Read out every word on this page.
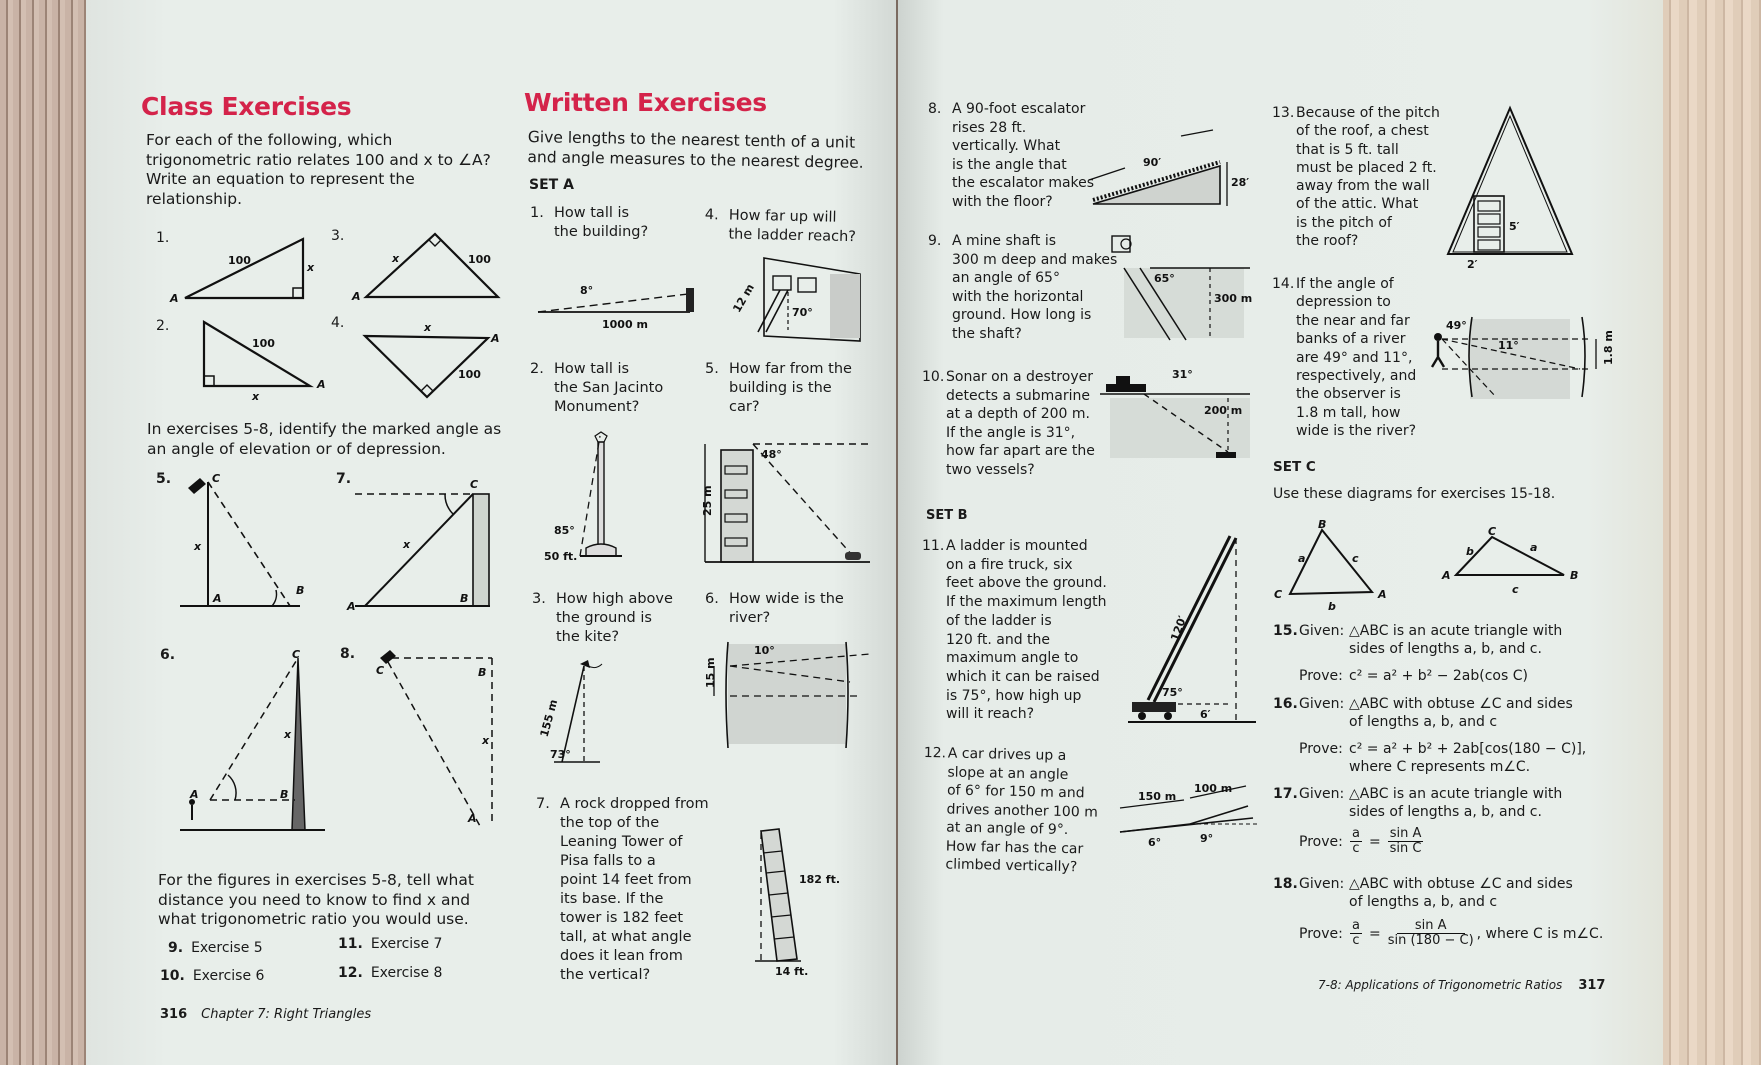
Class Exercises
For each of the following, which
trigonometric ratio relates 100 and x to ∠A?
Write an equation to represent the
relationship.
1.
100
x
A
2.
100
x
A
3.
x	100
A
4.	x
100
A
In exercises 5-8, identify the marked angle as
an angle of elevation or of depression.
5.	C
x
A
B
7.	C
x
A
B
6.	C
x
A	B
8.
C	B
x
A
For the figures in exercises 5-8, tell what
distance you need to know to find x and
what trigonometric ratio you would use.
9. Exercise 5
10. Exercise 6
11. Exercise 7
12. Exercise 8
316 Chapter 7: Right Triangles
Written Exercises
Give lengths to the nearest tenth of a unit
and angle measures to the nearest degree.
SET A
1. How tall is
the building?
8°
1000 m
4. How far up will
the ladder reach?
12 m	70°
2. How tall is
the San Jacinto
Monument?
85°
50 ft.
5. How far from the
building is the
car?
48°
25 m
3. How high above
the ground is
the kite?
155 m
73°
6. How wide is the
river?
10°
15 m
7. A rock dropped from
the top of the
Leaning Tower of
Pisa falls to a
point 14 feet from
its base. If the
tower is 182 feet
tall, at what angle
does it lean from
the vertical?
182 ft.
14 ft.
8. A 90-foot escalator
rises 28 ft.
vertically. What
is the angle that
the escalator makes
with the floor?
90′
28′
9. A mine shaft is
300 m deep and makes
an angle of 65°
with the horizontal
ground. How long is
the shaft?
65°
300 m
10. Sonar on a destroyer
detects a submarine
at a depth of 200 m.
If the angle is 31°,
how far apart are the
two vessels?
31°
200 m
SET B
11. A ladder is mounted
on a fire truck, six
feet above the ground.
If the maximum length
of the ladder is
120 ft. and the
maximum angle to
which it can be raised
is 75°, how high up
will it reach?
120′
75°
6′
12. A car drives up a
slope at an angle
of 6° for 150 m and
drives another 100 m
at an angle of 9°.
How far has the car
climbed vertically?
150 m
100 m
6°	9°
13. Because of the pitch
of the roof, a chest
that is 5 ft. tall
must be placed 2 ft.
away from the wall
of the attic. What
is the pitch of
the roof?
5′
2′
14. If the angle of
depression to
the near and far
banks of a river
are 49° and 11°,
respectively, and
the observer is
1.8 m tall, how
wide is the river?
49°
11°	1.8 m
SET C
Use these diagrams for exercises 15-18.
B
a	c
C
b
A
C
b	a
A
c
B
15.Given: △ABC is an acute triangle with
sides of lengths a, b, and c.
Prove: c² = a² + b² − 2ab(cos C)
16.Given: △ABC with obtuse ∠C and sides
of lengths a, b, and c
Prove: c² = a² + b² + 2ab[cos(180 − C)],
where C represents m∠C.
17.Given: △ABC is an acute triangle with
sides of lengths a, b, and c.
Prove: $\frac{a}{c} = \frac{\text{sin A}}{\text{sin C}}$
18.Given: △ABC with obtuse ∠C and sides
of lengths a, b, and c
Prove: $\frac{a}{c} = \frac{\text{sin A}}{\sin (180 - C)}$ , where C is m∠C.
7-8: Applications of Trigonometric Ratios 317
